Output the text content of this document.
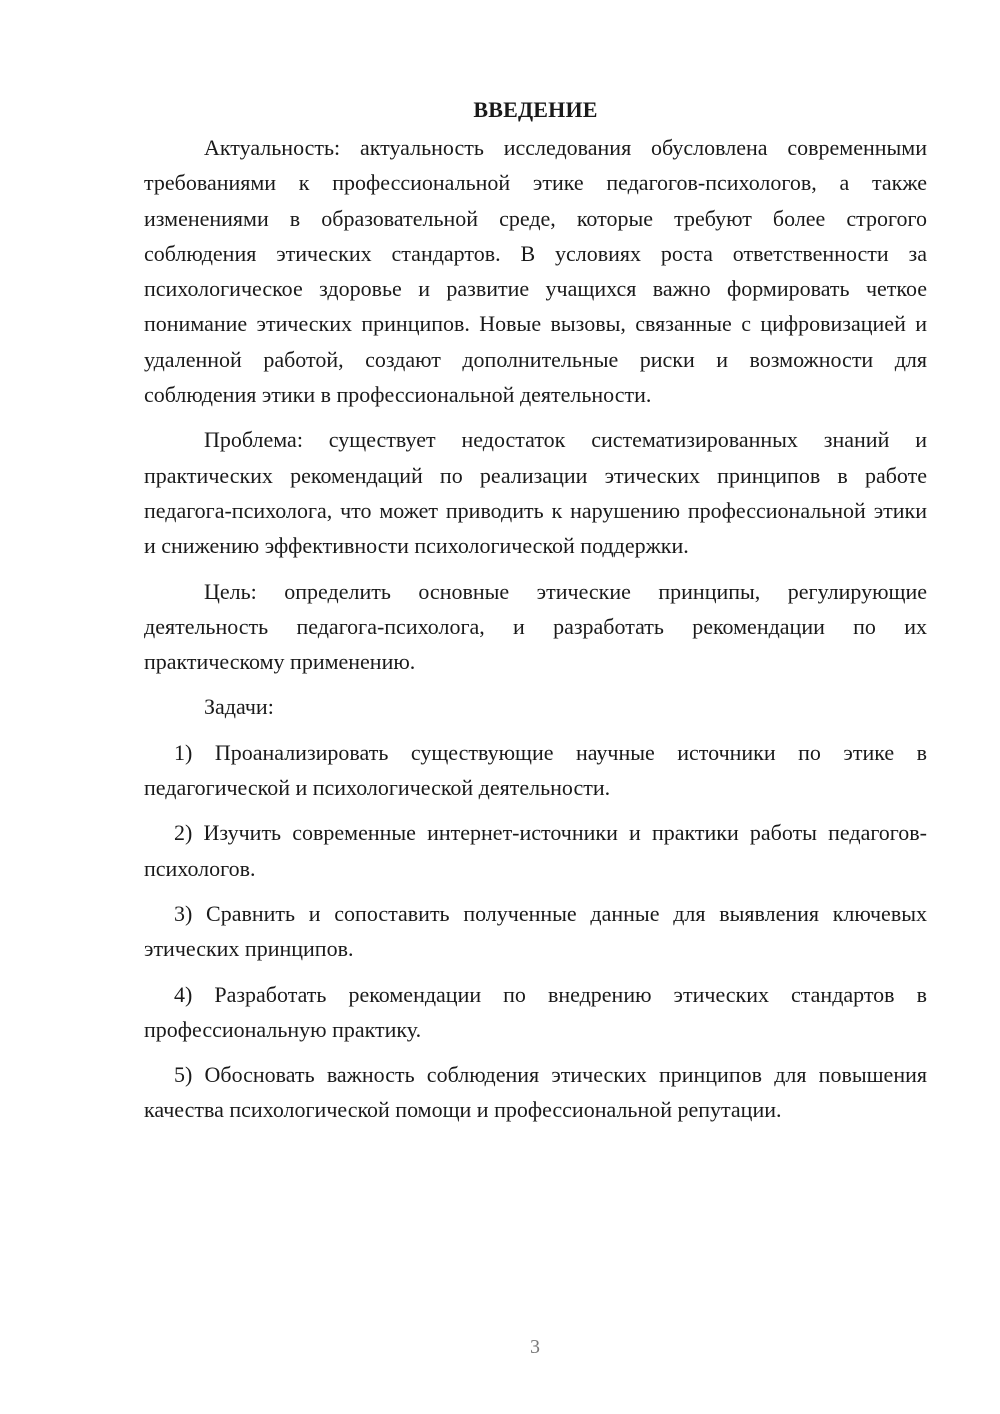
ВВЕДЕНИЕ

Актуальность: актуальность исследования обусловлена современными требованиями к профессиональной этике педагогов-психологов, а также изменениями в образовательной среде, которые требуют более строгого соблюдения этических стандартов. В условиях роста ответственности за психологическое здоровье и развитие учащихся важно формировать четкое понимание этических принципов. Новые вызовы, связанные с цифровизацией и удаленной работой, создают дополнительные риски и возможности для соблюдения этики в профессиональной деятельности.

Проблема: существует недостаток систематизированных знаний и практических рекомендаций по реализации этических принципов в работе педагога-психолога, что может приводить к нарушению профессиональной этики и снижению эффективности психологической поддержки.

Цель: определить основные этические принципы, регулирующие деятельность педагога-психолога, и разработать рекомендации по их практическому применению.

Задачи:

1) Проанализировать существующие научные источники по этике в педагогической и психологической деятельности.

2) Изучить современные интернет-источники и практики работы педагогов-психологов.

3) Сравнить и сопоставить полученные данные для выявления ключевых этических принципов.

4) Разработать рекомендации по внедрению этических стандартов в профессиональную практику.

5) Обосновать важность соблюдения этических принципов для повышения качества психологической помощи и профессиональной репутации.

3
